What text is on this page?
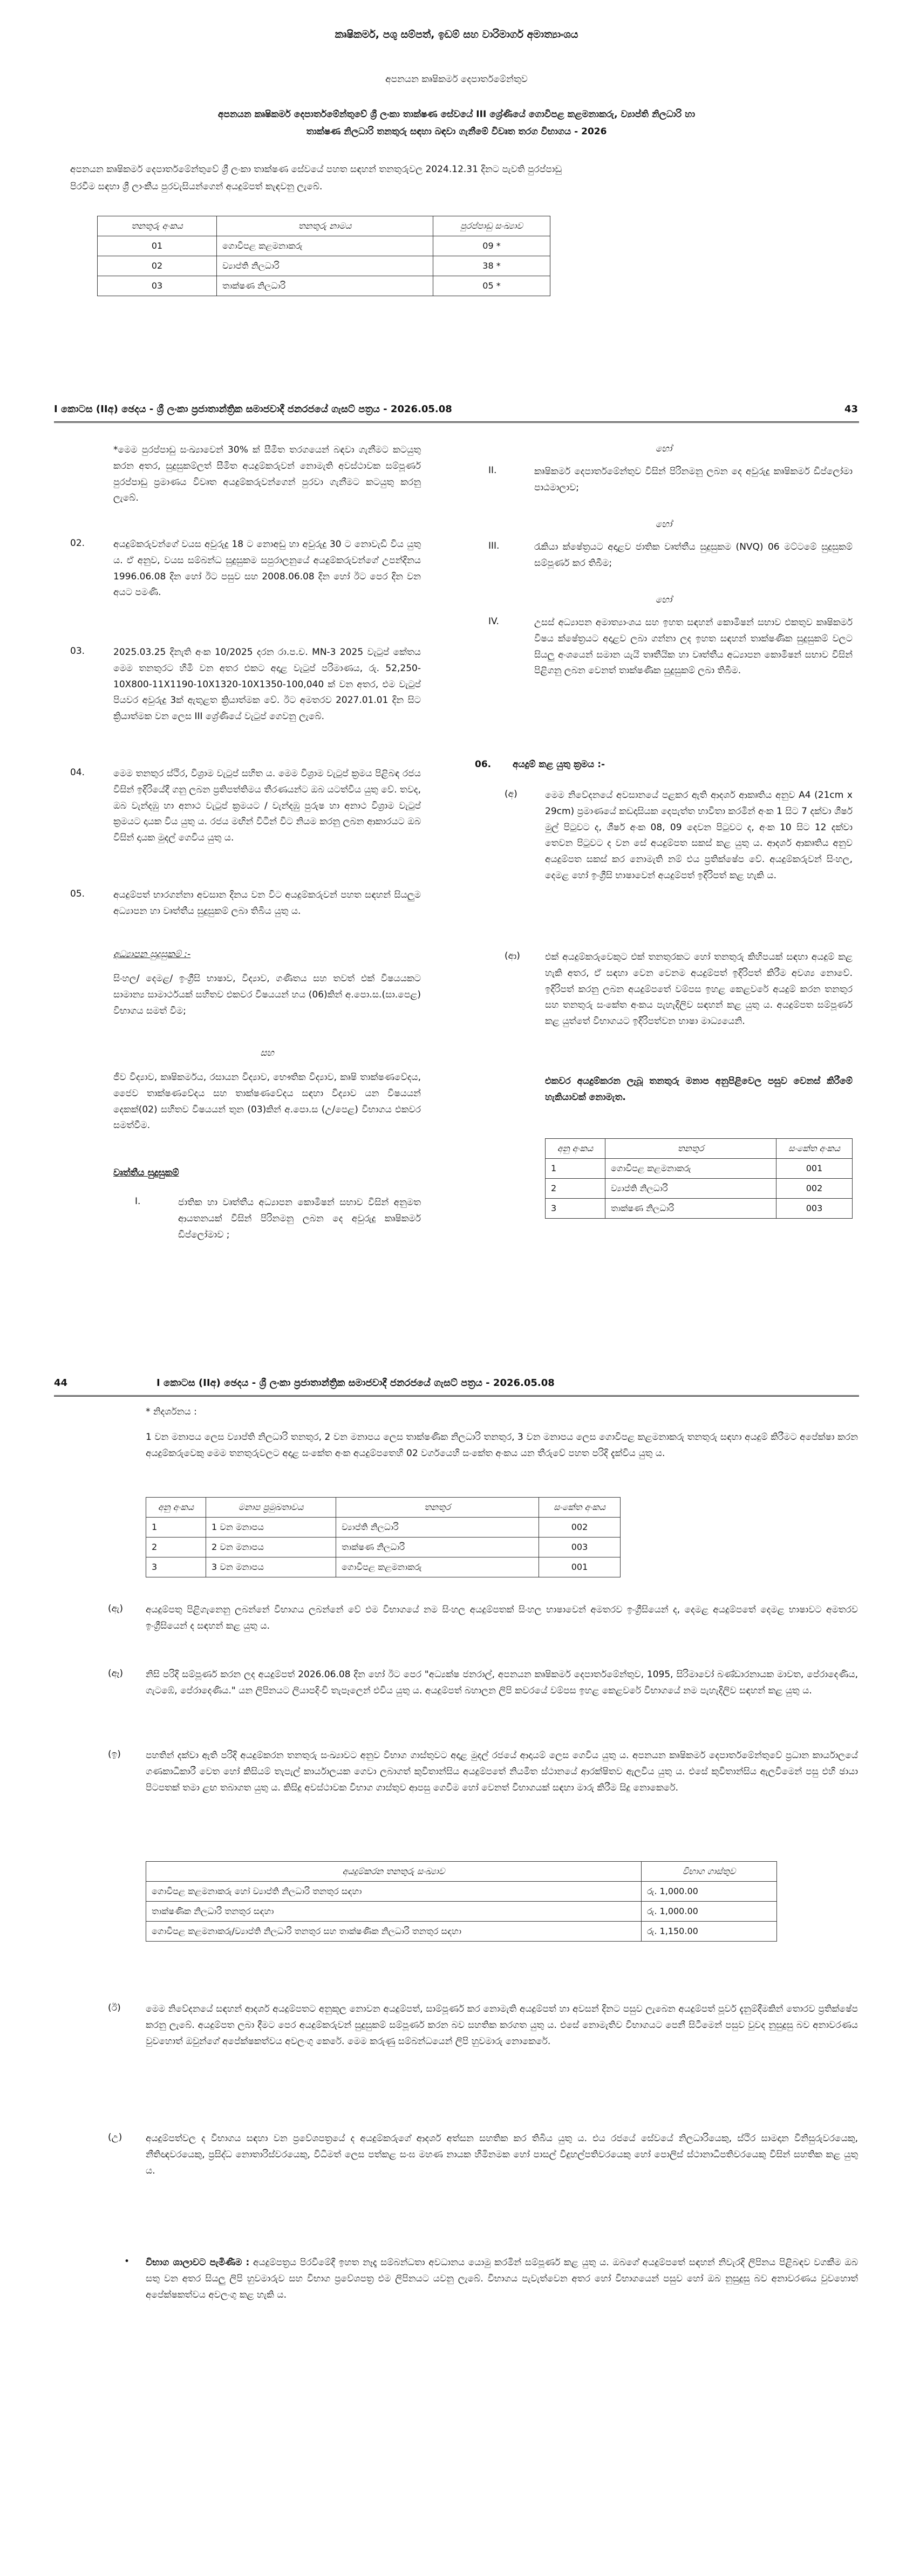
කෘෂිකර්ම, පශු සම්පත්, ඉඩම් සහ වාරිමාර්ග අමාත්‍යාංශය
අපනයන කෘෂිකර්ම දෙපාර්තමේන්තුව
අපනයන කෘෂිකර්ම දෙපාර්තමේන්තුවේ ශ්‍රී ලංකා තාක්ෂණ සේවයේ III ශ්‍රේණියේ ගොවිපළ කළමනාකරු, ව්‍යාප්ති නිලධාරි හා
තාක්ෂණ නිලධාරි තනතුරු සඳහා බඳවා ගැනීමේ විවෘත තරග විභාගය - 2026
අපනයන කෘෂිකර්ම දෙපාර්තමේන්තුවේ ශ්‍රී ලංකා තාක්ෂණ සේවයේ පහත සඳහන් තනතුරුවල 2024.12.31 දිනට පැවති පුරප්පාඩු
පිරවීම සඳහා ශ්‍රී ලාංකීය පුරවැසියන්ගෙන් අයදුම්පත් කැඳවනු ලැබේ.
තනතුරු අංකය	තනතුරු නාමය	පුරප්පාඩු සංඛ්‍යාව
01	ගොවිපළ කළමනාකරු	09 *
02	ව්‍යාප්ති නිලධාරි	38 *
03	තාක්ෂණ නිලධාරි	05 *
I කොටස (IIඅ) ඡෙදය - ශ්‍රී ලංකා ප්‍රජාතාන්ත්‍රික සමාජවාදී ජනරජයේ ගැසට් පත්‍රය - 2026.05.08	43
*මෙම පුරප්පාඩු සංඛ්‍යාවෙන් 30% ක් සීමිත තරගයෙන් බඳවා ගැනීමට කටයුතු කරන අතර, සුදුසුකම්ලත් සීමිත අයදුම්කරුවන් නොමැති අවස්ථාවක සම්පූර්ණ පුරප්පාඩු ප්‍රමාණය විවෘත අයදුම්කරුවන්ගෙන් පුරවා ගැනීමට කටයුතු කරනු ලැබේ.
02.	අයදුම්කරුවන්ගේ වයස අවුරුදු 18 ට නොඅඩු හා අවුරුදු 30 ට නොවැඩි විය යුතු ය. ඒ අනුව, වයස සම්බන්ධ සුදුසුකම සපුරාලනුයේ අයදුම්කරුවන්ගේ උපන්දිනය 1996.06.08 දින හෝ ඊට පසුව සහ 2008.06.08 දින හෝ ඊට පෙර දින වන අයට පමණි.
03.	2025.03.25 දිනැති අංක 10/2025 දරන රා.ප.ච. MN-3 2025 වැටුප් කේතය මෙම තනතුරට හිමි වන අතර එකට අදාළ වැටුප් පරිමාණය, රු. 52,250-10X800-11X1190-10X1320-10X1350-100,040 ක් වන අතර, එම වැටුප් පියවර අවුරුදු 3ක් ඇතුළත ක්‍රියාත්මක වේ. ඊට අමතරව 2027.01.01 දින සිට ක්‍රියාත්මක වන ලෙස III ශ්‍රේණියේ වැටුප් ගෙවනු ලැබේ.
04.	මෙම තනතුර ස්ථිර, විශ්‍රාම වැටුප් සහිත ය. මෙම විශ්‍රාම වැටුප් ක්‍රමය පිළිබඳ රජය විසින් ඉදිරියේදී ගනු ලබන ප්‍රතිපත්තිමය තීරණයන්ට ඔබ යටත්විය යුතු වේ. තවද, ඔබ වැන්දඹු හා අනාථ වැටුප් ක්‍රමයට / වැන්දඹු පුරුෂ හා අනාථ විශ්‍රාම වැටුප් ක්‍රමයට දායක විය යුතු ය. රජය මඟින් විටින් විට නියම කරනු ලබන ආකාරයට ඔබ විසින් දායක මුදල් ගෙවිය යුතු ය.
05.	අයදුම්පත් භාරගන්නා අවසාන දිනය වන විට අයදුම්කරුවන් පහත සඳහන් සියලුම අධ්‍යාපන හා වෘත්තීය සුදුසුකම් ලබා තිබිය යුතු ය.
අධ්‍යාපන සුදුසුකම් :-
සිංහල/ දෙමළ/ ඉංග්‍රීසි භාෂාව, විද්‍යාව, ගණිතය සහ තවත් එක් විෂයයකට සාමාන්‍ය සාමාර්ථයක් සහිතව එකවර විෂයයන් හය (06)කින් අ.පො.ස.(සා.පෙළ) විභාගය සමත් වීම;
සහ
ජීව විද්‍යාව, කෘෂිකර්මය, රසායන විද්‍යාව, භෞතික විද්‍යාව, කෘෂි තාක්ෂණවේදය, ජෛව තාක්ෂණවේදය සහ තාක්ෂණවේදය සඳහා විද්‍යාව යන විෂයයන් දෙකක්(02) සහිතව විෂයයන් තුන (03)කින් අ.පො.ස (උ/පෙළ) විභාගය එකවර සමත්වීම.
වෘත්තීය සුදුසුකම්
I.	ජාතික හා වෘත්තීය අධ්‍යාපන කොමිෂන් සභාව විසින් අනුමත ආයතනයක් විසින් පිරිනමනු ලබන දෙ අවුරුදු කෘෂිකර්ම ඩිප්ලෝමාව ;
හෝ
II.	කෘෂිකර්ම දෙපාර්තමේන්තුව විසින් පිරිනමනු ලබන දෙ අවුරුදු කෘෂිකර්ම ඩිප්ලෝමා පාඨමාලාව;
හෝ
III.	රැකියා ක්ෂේත්‍රයට අදාළව ජාතික වෘත්තීය සුදුසුකම (NVQ) 06 මට්ටමේ සුදුසුකම් සම්පූර්ණ කර තිබීම;
හෝ
IV.	උසස් අධ්‍යාපන අමාත්‍යාංශය සහ ඉහත සඳහන් කොමිෂන් සභාව එකතුව කෘෂිකර්ම විෂය ක්ෂේත්‍රයට අදාළව ලබා ගන්නා ලද ඉහත සඳහන් තාක්ෂණික සුදුසුකම් වලට සියලු අංශයෙන් සමාන යැයි තෘතීයික හා වෘත්තීය අධ්‍යාපන කොමිෂන් සභාව විසින් පිළිගනු ලබන වෙනත් තාක්ෂණික සුදුසුකම් ලබා තිබීම.
06. අයදුම් කළ යුතු ක්‍රමය :-
(අ)	මෙම නිවේදනයේ අවසානයේ පළකර ඇති ආදර්ශ ආකෘතිය අනුව A4 (21cm x 29cm) ප්‍රමාණයේ කඩදාසියක දෙපැත්ත භාවිතා කරමින් අංක 1 සිට 7 දක්වා ශීර්ෂ මුල් පිටුවට ද, ශීර්ෂ අංක 08, 09 දෙවන පිටුවට ද, අංක 10 සිට 12 දක්වා තෙවන පිටුවට ද වන සේ අයදුම්පත සකස් කළ යුතු ය. ආදර්ශ ආකෘතිය අනුව අයදුම්පත සකස් කර නොමැති නම් එය ප්‍රතික්ෂේප වේ. අයදුම්කරුවන් සිංහල, දෙමළ හෝ ඉංග්‍රීසි භාෂාවෙන් අයදුම්පත් ඉදිරිපත් කළ හැකි ය.
(ආ)	එක් අයදුම්කරුවෙකුට එක් තනතුරකට හෝ තනතුරු කිහිපයක් සඳහා අයදුම් කළ හැකි අතර, ඒ සඳහා වෙන වෙනම අයදුම්පත් ඉදිරිපත් කිරීම අවශ්‍ය නොවේ. ඉදිරිපත් කරනු ලබන අයදුම්පතේ වම්පස ඉහළ කෙළවරේ අයදුම් කරන තනතුර සහ තනතුරු සංකේත අංකය පැහැදිලිව සඳහන් කළ යුතු ය. අයදුම්පත සම්පූර්ණ කළ යුත්තේ විභාගයට ඉදිරිපත්වන භාෂා මාධ්‍යයෙනි.
එකවර අයදුම්කරන ලැබූ තනතුරු මනාප අනුපිළිවෙල පසුව වෙනස් කිරීමේ හැකියාවක් නොමැත.
අනු අංකය	තනතුර	සංකේත අංකය
1	ගොවිපළ කළමනාකරු	001
2	ව්‍යාප්ති නිලධාරි	002
3	තාක්ෂණ නිලධාරි	003
44	I කොටස (IIඅ) ඡෙදය - ශ්‍රී ලංකා ප්‍රජාතාන්ත්‍රික සමාජවාදී ජනරජයේ ගැසට් පත්‍රය - 2026.05.08
* නිදර්ශනය :
1 වන මනාපය ලෙස ව්‍යාප්ති නිලධාරි තනතුර, 2 වන මනාපය ලෙස තාක්ෂණික නිලධාරි තනතුර, 3 වන මනාපය ලෙස ගොවිපළ කළමනාකරු තනතුරු සඳහා අයදුම් කිරීමට අපේක්ෂා කරන අයදුම්කරුවෙකු මෙම තනතුරුවලට අදාළ සංකේත අංක අයදුම්පතෙහි 02 වර්ගයෙහි සංකේත අංකය යන තීරුවේ පහත පරිදි දැක්විය යුතු ය.
අනු අංකය	මනාප ප්‍රමුඛතාවය	තනතුර	සංකේත අංකය
1	1 වන මනාපය	ව්‍යාප්ති නිලධාරි	002
2	2 වන මනාපය	තාක්ෂණ නිලධාරි	003
3	3 වන මනාපය	ගොවිපළ කළමනාකරු	001
(ඇ) අයදුම්පතු පිළිගැනෙනු ලබන්නේ විභාගය ලබන්නේ වේ එම විභාගයේ නම සිංහල අයදුම්පතක් සිංහල භාෂාවෙන් අමතරව ඉංග්‍රීසියෙන් ද, දෙමළ අයදුම්පතේ දෙමළ භාෂාවට අමතරව ඉංග්‍රීසියෙන් ද සඳහන් කළ යුතු ය.
(ඈ) නිසි පරිදි සම්පූර්ණ කරන ලද අයදුම්පත් 2026.06.08 දින හෝ ඊට පෙර "අධ්‍යක්ෂ ජනරාල්, අපනයන කෘෂිකර්ම දෙපාර්තමේන්තුව, 1095, සිරිමාවෝ බණ්ඩාරනායක මාවත, පේරාදෙණිය, ගැටඹේ, පේරාදෙණිය." යන ලිපිනයට ලියාපදිංචි තැපෑලෙන් එවිය යුතු ය. අයදුම්පත් බහාලන ලිපි කවරයේ වම්පස ඉහළ කෙළවරේ විභාගයේ නම පැහැදිලිව සඳහන් කළ යුතු ය.
(ඉ)	පහතින් දක්වා ඇති පරිදි අයදුම්කරන තනතුරු සංඛ්‍යාවට අනුව විභාග ගාස්තුවට අදාළ මුදල් රජයේ ආදායම් ලෙස ගෙවිය යුතු ය. අපනයන කෘෂිකර්ම දෙපාර්තමේන්තුවේ ප්‍රධාන කාර්යාලයේ ගණකාධිකාරී වෙත හෝ කිසියම් තැපැල් කාර්යාලයක ගෙවා ලබාගත් කුවිතාන්සිය අයදුම්පතේ නියමිත ස්ථානයේ ආරක්ෂිතව ඇලවිය යුතු ය. එසේ කුවිතාන්සිය ඇලවීමෙන් පසු එහි ඡායා පිටපතක් තමා ළඟ තබාගත යුතු ය. කිසිදු අවස්ථාවක විභාග ගාස්තුව ආපසු ගෙවීම හෝ වෙනත් විභාගයක් සඳහා මාරු කිරීම සිදු නොකෙරේ.
අයදුම්කරන තනතුරු සංඛ්‍යාව	විභාග ගාස්තුව
ගොවිපළ කළමනාකරු හෝ ව්‍යාප්ති නිලධාරි තනතුර සඳහා	රු. 1,000.00
තාක්ෂණික නිලධාරි තනතුර සඳහා	රු. 1,000.00
ගොවිපළ කළමනාකරු/ව්‍යාප්ති නිලධාරි තනතුර සහ තාක්ෂණික නිලධාරි තනතුර සඳහා	රු. 1,150.00
(ඊ)	මෙම නිවේදනයේ සඳහන් ආදර්ශ අයදුම්පතට අනුකූල නොවන අයදුම්පත්, සාම්පූර්ණ කර නොමැති අයදුම්පත් හා අවසන් දිනට පසුව ලැබෙන අයදුම්පත් පූර්ව දැනුම්දීමකින් තොරව ප්‍රතික්ෂේප කරනු ලැබේ. අයදුම්පත ලබා දීමට පෙර අයදුම්කරුවන් සුදුසුකම් සම්පූර්ණ කරන බව සහතික කරගත යුතු ය. එසේ නොමැතිව විභාගයට පෙනී සිටීමෙන් පසුව වුවද නුසුදුසු බව අනාවරණය වුවහොත් ඔවුන්ගේ අපේක්ෂකත්වය අවලංගු කෙරේ. මෙම කරුණු සම්බන්ධයෙන් ලිපි හුවමාරු නොකෙරේ.
(උ)	අයදුම්පත්වල ද විභාගය සඳහා වන ප්‍රවේශපත්‍රයේ ද අයදුම්කරුගේ ආදර්ශ අත්සන සහතික කර තිබිය යුතු ය. එය රජයේ සේවයේ නිලධාරියෙකු, ස්ථිර සාමදාන විනිසුරුවරයෙකු, නීතිඥවරයෙකු, ප්‍රසිද්ධ නොතාරිස්වරයෙකු, විධිමත් ලෙස පත්කළ සංඝ මහණ නායක හිමිනමක හෝ පාසල් විදුහල්පතිවරයෙකු හෝ පොලිස් ස්ථානාධිපතිවරයෙකු විසින් සහතික කළ යුතු ය.
• විභාග ශාලාවට පැමිණීම : අයදුම්පත්‍රය පිරවීමේදී ඉහත නෑදෑ සම්බන්ධතා අවධානය යොමු කරමින් සම්පූර්ණ කළ යුතු ය. ඔබගේ අයදුම්පතේ සඳහන් නිවැරදි ලිපිනය පිළිබඳව වගකීම ඔබ සතු වන අතර සියලු ලිපි හුවමාරුව සහ විභාග ප්‍රවේශපත්‍ර එම ලිපිනයට යවනු ලැබේ. විභාගය පැවැත්වෙන අතර හෝ විභාගයෙන් පසුව හෝ ඔබ නුසුදුසු බව අනාවරණය වුවහොත් අපේක්ෂකත්වය අවලංගු කළ හැකි ය.
